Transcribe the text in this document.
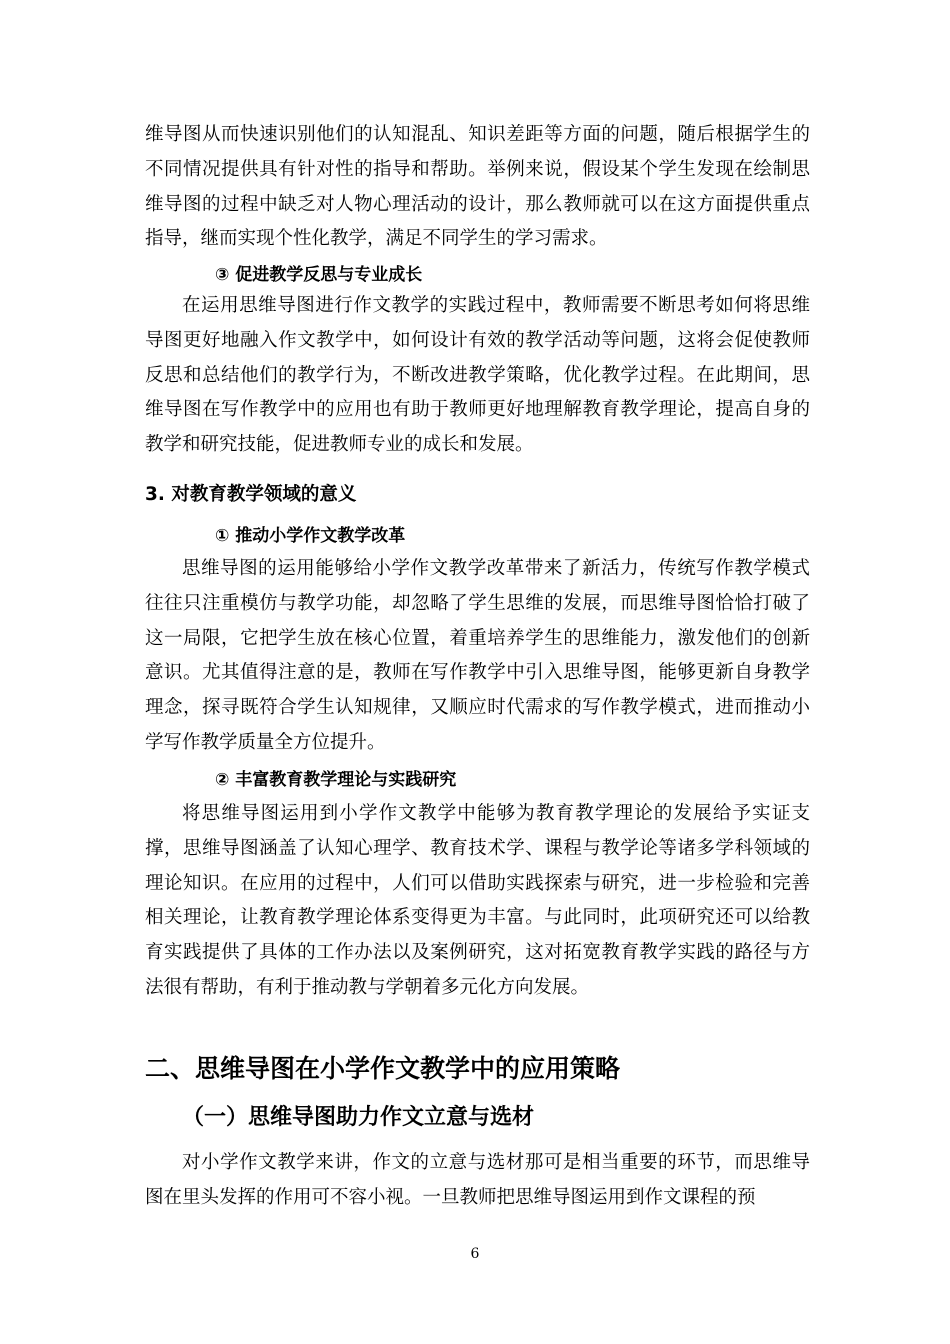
维导图从而快速识别他们的认知混乱、知识差距等方面的问题，随后根据学生的不同情况提供具有针对性的指导和帮助。举例来说，假设某个学生发现在绘制思维导图的过程中缺乏对人物心理活动的设计，那么教师就可以在这方面提供重点指导，继而实现个性化教学，满足不同学生的学习需求。

③ 促进教学反思与专业成长

在运用思维导图进行作文教学的实践过程中，教师需要不断思考如何将思维导图更好地融入作文教学中，如何设计有效的教学活动等问题，这将会促使教师反思和总结他们的教学行为，不断改进教学策略，优化教学过程。在此期间，思维导图在写作教学中的应用也有助于教师更好地理解教育教学理论，提高自身的教学和研究技能，促进教师专业的成长和发展。

3. 对教育教学领域的意义

① 推动小学作文教学改革

思维导图的运用能够给小学作文教学改革带来了新活力，传统写作教学模式往往只注重模仿与教学功能，却忽略了学生思维的发展，而思维导图恰恰打破了这一局限，它把学生放在核心位置，着重培养学生的思维能力，激发他们的创新意识。尤其值得注意的是，教师在写作教学中引入思维导图，能够更新自身教学理念，探寻既符合学生认知规律，又顺应时代需求的写作教学模式，进而推动小学写作教学质量全方位提升。

② 丰富教育教学理论与实践研究

将思维导图运用到小学作文教学中能够为教育教学理论的发展给予实证支撑，思维导图涵盖了认知心理学、教育技术学、课程与教学论等诸多学科领域的理论知识。在应用的过程中，人们可以借助实践探索与研究，进一步检验和完善相关理论，让教育教学理论体系变得更为丰富。与此同时，此项研究还可以给教育实践提供了具体的工作办法以及案例研究，这对拓宽教育教学实践的路径与方法很有帮助，有利于推动教与学朝着多元化方向发展。

二、思维导图在小学作文教学中的应用策略

（一）思维导图助力作文立意与选材

对小学作文教学来讲，作文的立意与选材那可是相当重要的环节，而思维导图在里头发挥的作用可不容小视。一旦教师把思维导图运用到作文课程的预

6
